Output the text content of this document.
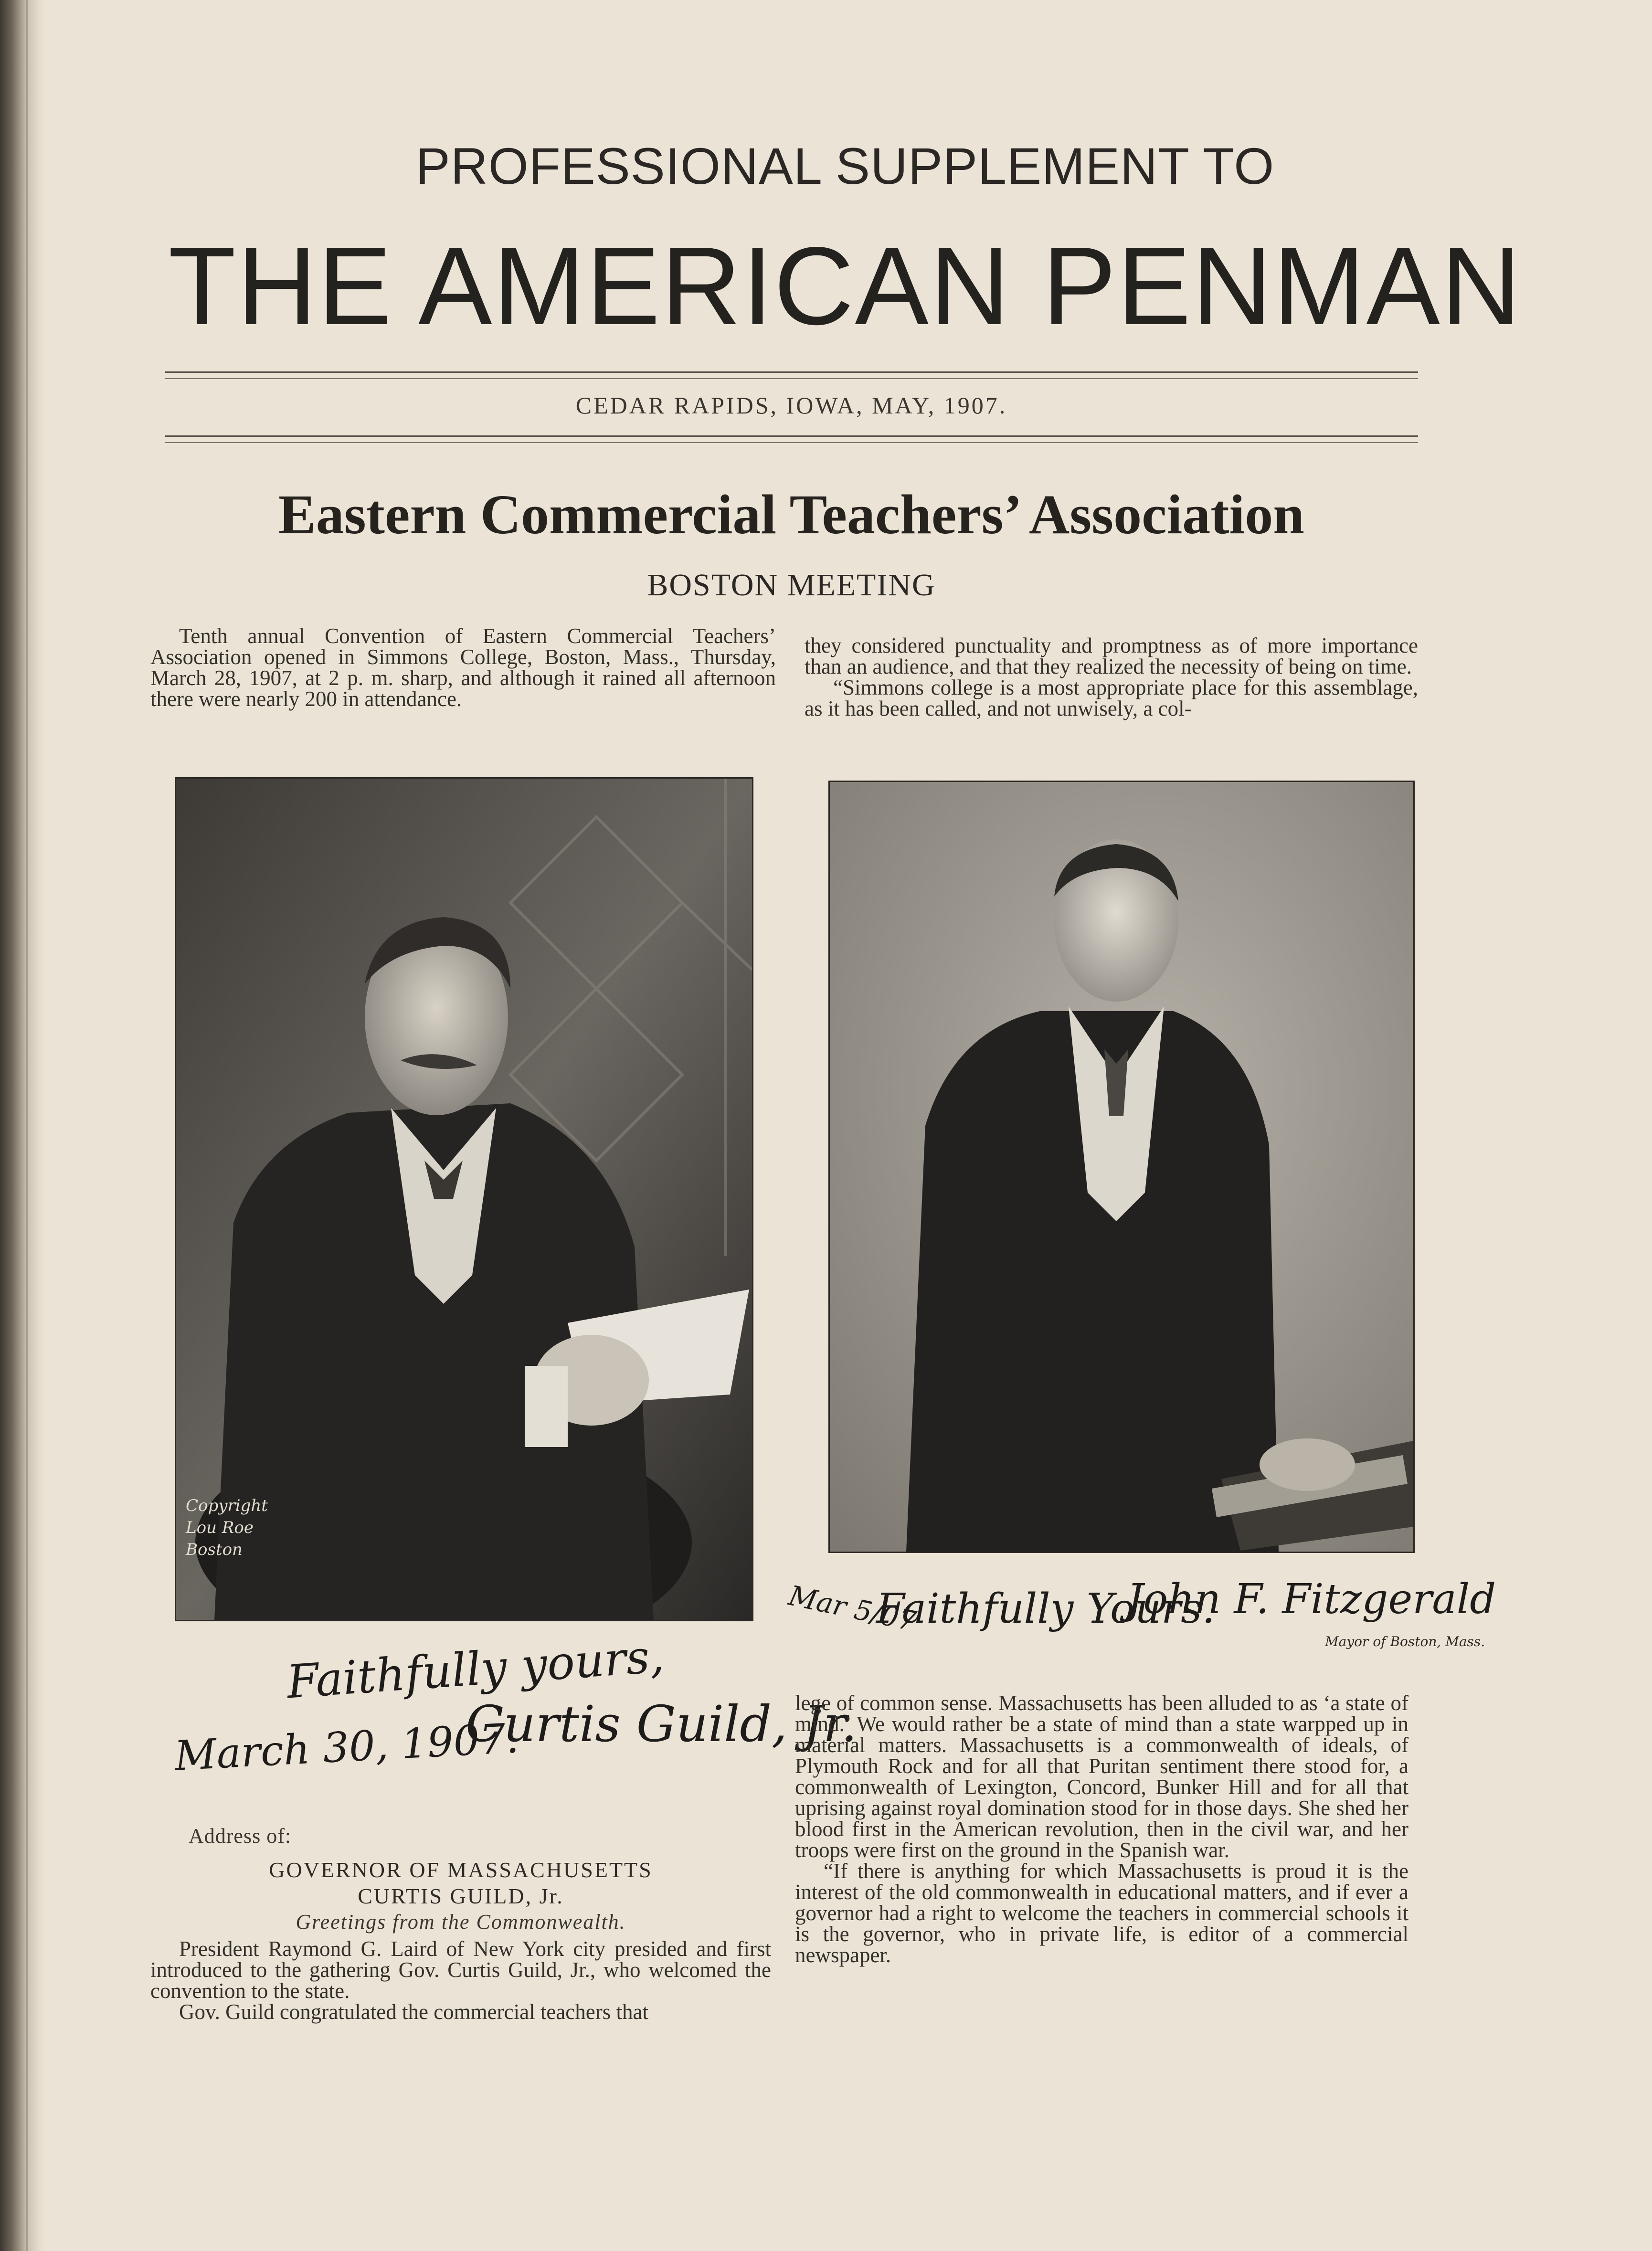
PROFESSIONAL SUPPLEMENT TO
THE AMERICAN PENMAN
CEDAR RAPIDS, IOWA, MAY, 1907.
Eastern Commercial Teachers’ Association
BOSTON MEETING

Tenth annual Convention of Eastern Commercial Teachers’ Association opened in Simmons College, Boston, Mass., Thursday, March 28, 1907, at 2 p. m. sharp, and although it rained all afternoon there were nearly 200 in attendance.

they considered punctuality and promptness as of more importance than an audience, and that they realized the necessity of being on time.

“Simmons college is a most appropriate place for this assemblage, as it has been called, and not unwisely, a col-

Copyright Lou Roe Boston
Mar 5/07
Faithfully Yours.
John F. Fitzgerald
Mayor of Boston, Mass.
Faithfully yours,
Curtis Guild, Jr.
March 30, 1907.
Address of:
GOVERNOR OF MASSACHUSETTS
CURTIS GUILD, Jr.
Greetings from the Commonwealth.

President Raymond G. Laird of New York city presided and first introduced to the gathering Gov. Curtis Guild, Jr., who welcomed the convention to the state.

Gov. Guild congratulated the commercial teachers that

lege of common sense. Massachusetts has been alluded to as ‘a state of mind.’ We would rather be a state of mind than a state warpped up in material matters. Massachusetts is a commonwealth of ideals, of Plymouth Rock and for all that Puritan sentiment there stood for, a commonwealth of Lexington, Concord, Bunker Hill and for all that uprising against royal domination stood for in those days. She shed her blood first in the American revolution, then in the civil war, and her troops were first on the ground in the Spanish war.

“If there is anything for which Massachusetts is proud it is the interest of the old commonwealth in educational matters, and if ever a governor had a right to welcome the teachers in commercial schools it is the governor, who in private life, is editor of a commercial newspaper.
